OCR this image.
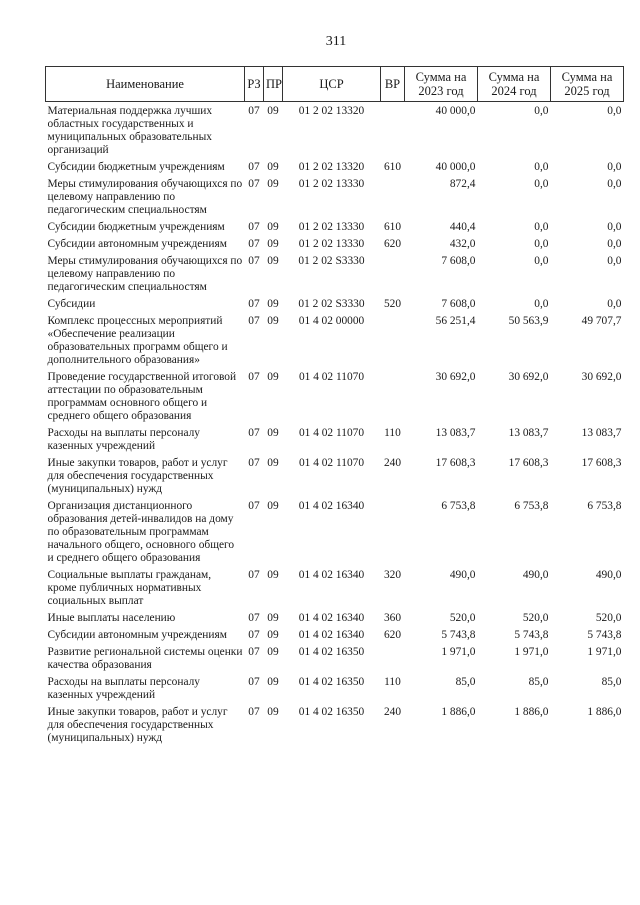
311
Наименование	РЗ	ПР	ЦСР	ВР	Сумма на 2023 год	Сумма на 2024 год	Сумма на 2025 год
Материальная поддержка лучших областных государственных и муниципальных образовательных организаций	07	09	01 2 02 13320		40 000,0	0,0	0,0
Субсидии бюджетным учреждениям	07	09	01 2 02 13320	610	40 000,0	0,0	0,0
Меры стимулирования обучающихся по целевому направлению по педагогическим специальностям	07	09	01 2 02 13330		872,4	0,0	0,0
Субсидии бюджетным учреждениям	07	09	01 2 02 13330	610	440,4	0,0	0,0
Субсидии автономным учреждениям	07	09	01 2 02 13330	620	432,0	0,0	0,0
Меры стимулирования обучающихся по целевому направлению по педагогическим специальностям	07	09	01 2 02 S3330		7 608,0	0,0	0,0
Субсидии	07	09	01 2 02 S3330	520	7 608,0	0,0	0,0
Комплекс процессных мероприятий «Обеспечение реализации образовательных программ общего и дополнительного образования»	07	09	01 4 02 00000		56 251,4	50 563,9	49 707,7
Проведение государственной итоговой аттестации по образовательным программам основного общего и среднего общего образования	07	09	01 4 02 11070		30 692,0	30 692,0	30 692,0
Расходы на выплаты персоналу казенных учреждений	07	09	01 4 02 11070	110	13 083,7	13 083,7	13 083,7
Иные закупки товаров, работ и услуг для обеспечения государственных (муниципальных) нужд	07	09	01 4 02 11070	240	17 608,3	17 608,3	17 608,3
Организация дистанционного образования детей-инвалидов на дому по образовательным программам начального общего, основного общего и среднего общего образования	07	09	01 4 02 16340		6 753,8	6 753,8	6 753,8
Социальные выплаты гражданам, кроме публичных нормативных социальных выплат	07	09	01 4 02 16340	320	490,0	490,0	490,0
Иные выплаты населению	07	09	01 4 02 16340	360	520,0	520,0	520,0
Субсидии автономным учреждениям	07	09	01 4 02 16340	620	5 743,8	5 743,8	5 743,8
Развитие региональной системы оценки качества образования	07	09	01 4 02 16350		1 971,0	1 971,0	1 971,0
Расходы на выплаты персоналу казенных учреждений	07	09	01 4 02 16350	110	85,0	85,0	85,0
Иные закупки товаров, работ и услуг для обеспечения государственных (муниципальных) нужд	07	09	01 4 02 16350	240	1 886,0	1 886,0	1 886,0
